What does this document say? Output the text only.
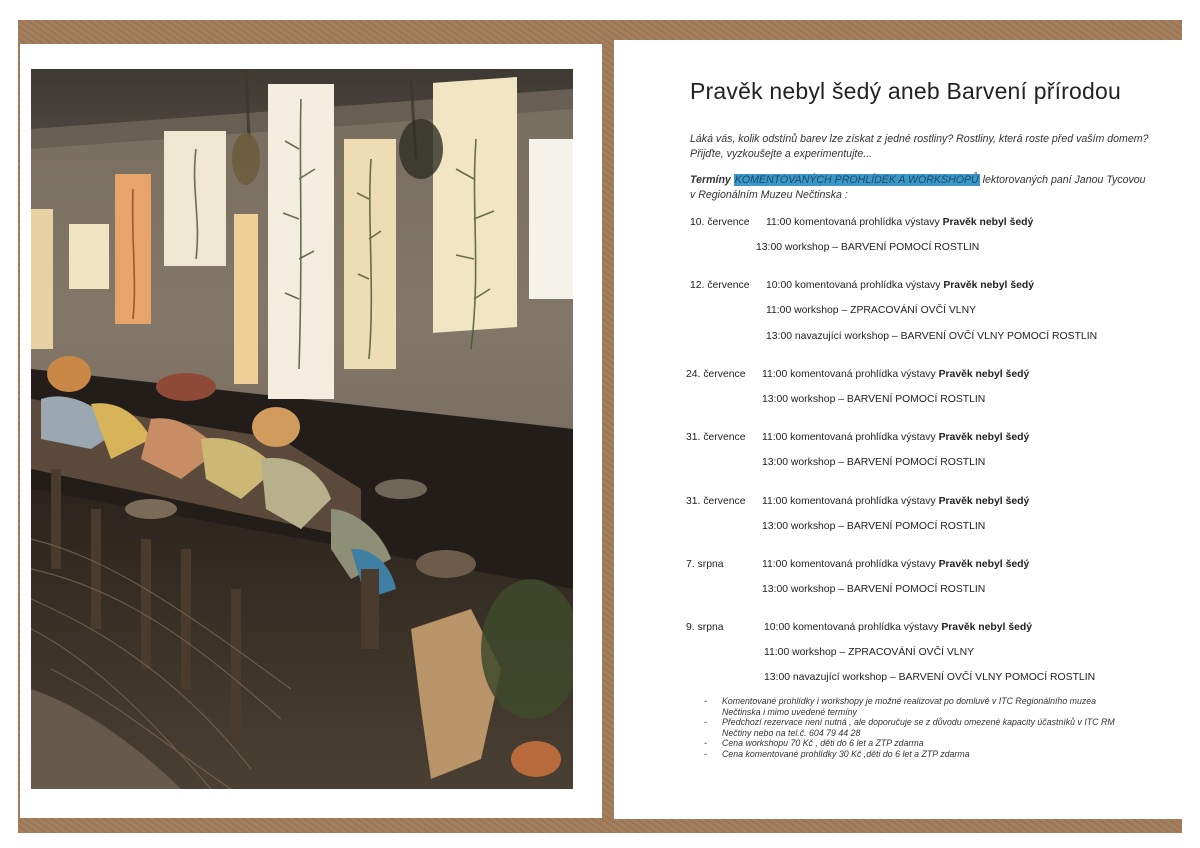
Pravěk nebyl šedý aneb Barvení přírodou
Láká vás, kolik odstínů barev lze získat z jedné rostliny? Rostliny, která roste před vaším domem? Přijďte, vyzkoušejte a experimentujte...
Termíny KOMENTOVANÝCH PROHLÍDEK A WORKSHOPŮ lektorovaných paní Janou Tycovou v Regionálním Muzeu Nečtinska :
10. července 11:00 komentovaná prohlídka výstavy Pravěk nebyl šedý
13:00 workshop – BARVENÍ POMOCÍ ROSTLIN
12. července 10:00 komentovaná prohlídka výstavy Pravěk nebyl šedý
11:00 workshop – ZPRACOVÁNÍ OVČÍ VLNY
13:00 navazující workshop – BARVENÍ OVČÍ VLNY POMOCÍ ROSTLIN
24. července 11:00 komentovaná prohlídka výstavy Pravěk nebyl šedý
13:00 workshop – BARVENÍ POMOCÍ ROSTLIN
31. července 11:00 komentovaná prohlídka výstavy Pravěk nebyl šedý
13:00 workshop – BARVENÍ POMOCÍ ROSTLIN
31. července 11:00 komentovaná prohlídka výstavy Pravěk nebyl šedý
13:00 workshop – BARVENÍ POMOCÍ ROSTLIN
7. srpna	11:00 komentovaná prohlídka výstavy Pravěk nebyl šedý
13:00 workshop – BARVENÍ POMOCÍ ROSTLIN
9. srpna	10:00 komentovaná prohlídka výstavy Pravěk nebyl šedý
11:00 workshop – ZPRACOVÁNÍ OVČÍ VLNY
13:00 navazující workshop – BARVENÍ OVČÍ VLNY POMOCÍ ROSTLIN
- Komentované prohlídky i workshopy je možné realizovat po domluvě v ITC Regionálního muzea Nečtinska i mimo uvedené termíny
- Předchozí rezervace není nutná , ale doporučuje se z důvodu omezené kapacity účastníků v ITC RM Nečtiny nebo na tel.č. 604 79 44 28
- Cena workshopu 70 Kč , děti do 6 let a ZTP zdarma
- Cena komentované prohlídky 30 Kč ,děti do 6 let a ZTP zdarma
